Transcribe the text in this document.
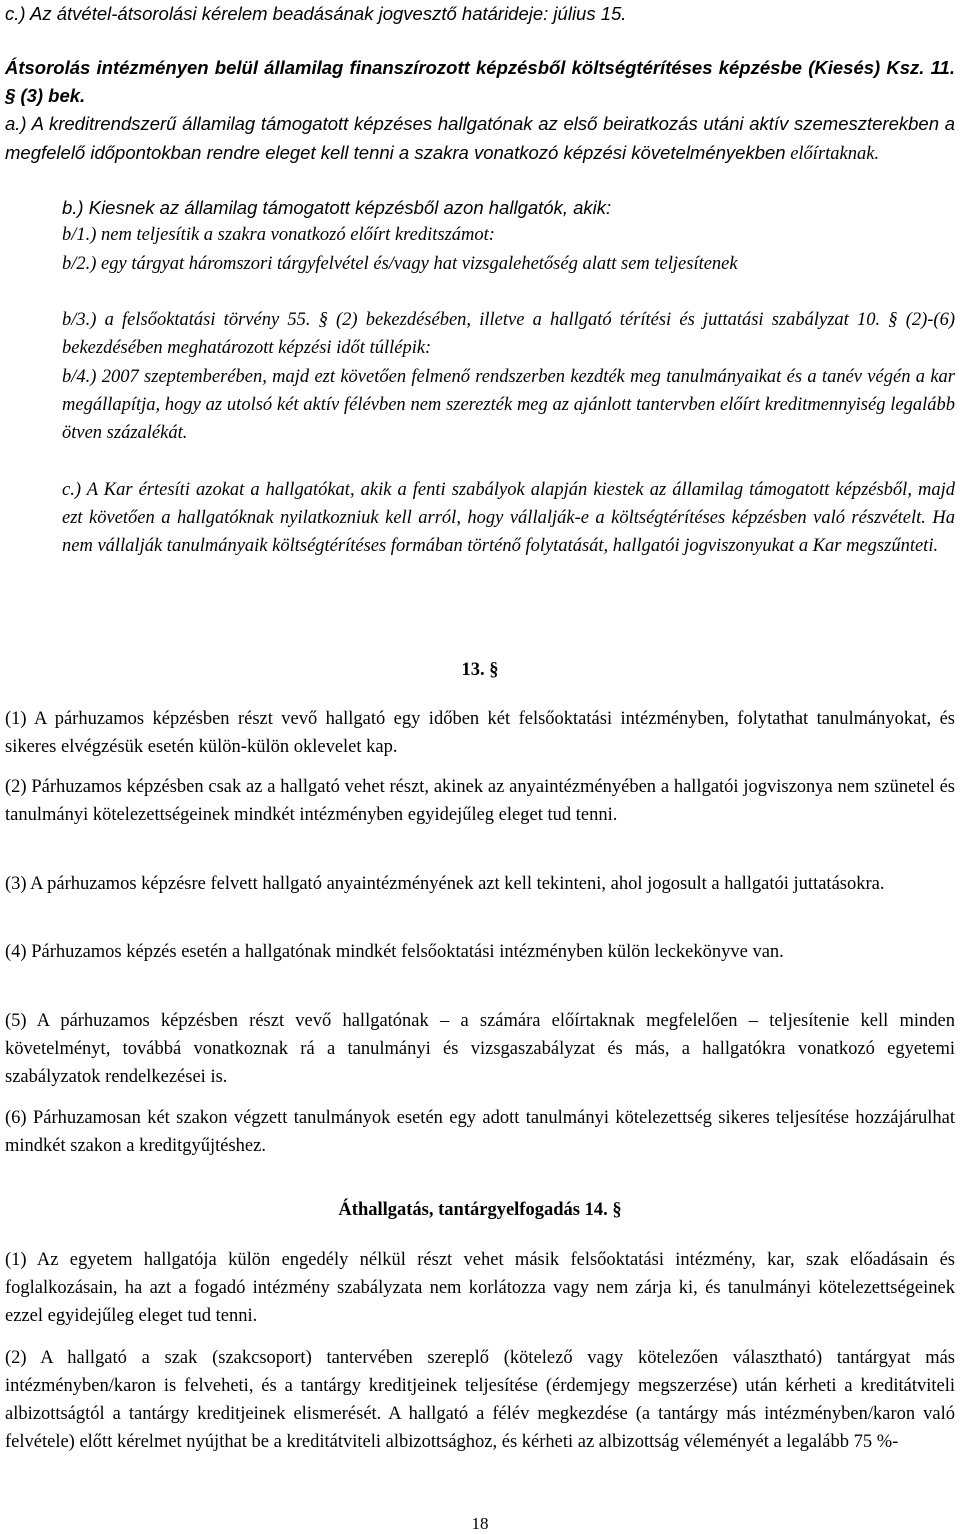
c.) Az átvétel-átsorolási kérelem beadásának jogvesztő határideje: július 15.

Átsorolás intézményen belül államilag finanszírozott képzésből költségtérítéses képzésbe (Kiesés) Ksz. 11. § (3) bek.

a.) A kreditrendszerű államilag támogatott képzéses hallgatónak az első beiratkozás utáni aktív szemeszterekben a megfelelő időpontokban rendre eleget kell tenni a szakra vonatkozó képzési követelményekben előírtaknak.

b.) Kiesnek az államilag támogatott képzésből azon hallgatók, akik:

b/1.) nem teljesítik a szakra vonatkozó előírt kreditszámot:

b/2.) egy tárgyat háromszori tárgyfelvétel és/vagy hat vizsgalehetőség alatt sem teljesítenek

b/3.) a felsőoktatási törvény 55. § (2) bekezdésében, illetve a hallgató térítési és juttatási szabályzat 10. § (2)-(6) bekezdésében meghatározott képzési időt túllépik:

b/4.) 2007 szeptemberében, majd ezt követően felmenő rendszerben kezdték meg tanulmányaikat és a tanév végén a kar megállapítja, hogy az utolsó két aktív félévben nem szerezték meg az ajánlott tantervben előírt kreditmennyiség legalább ötven százalékát.

c.) A Kar értesíti azokat a hallgatókat, akik a fenti szabályok alapján kiestek az államilag támogatott képzésből, majd ezt követően a hallgatóknak nyilatkozniuk kell arról, hogy vállalják-e a költségtérítéses képzésben való részvételt. Ha nem vállalják tanulmányaik költségtérítéses formában történő folytatását, hallgatói jogviszonyukat a Kar megszűnteti.

13. §

(1) A párhuzamos képzésben részt vevő hallgató egy időben két felsőoktatási intézményben, folytathat tanulmányokat, és sikeres elvégzésük esetén külön-külön oklevelet kap.

(2) Párhuzamos képzésben csak az a hallgató vehet részt, akinek az anyaintézményében a hallgatói jogviszonya nem szünetel és tanulmányi kötelezettségeinek mindkét intézményben egyidejűleg eleget tud tenni.

(3) A párhuzamos képzésre felvett hallgató anyaintézményének azt kell tekinteni, ahol jogosult a hallgatói juttatásokra.

(4) Párhuzamos képzés esetén a hallgatónak mindkét felsőoktatási intézményben külön leckekönyve van.

(5) A párhuzamos képzésben részt vevő hallgatónak – a számára előírtaknak megfelelően – teljesítenie kell minden követelményt, továbbá vonatkoznak rá a tanulmányi és vizsgaszabályzat és más, a hallgatókra vonatkozó egyetemi szabályzatok rendelkezései is.

(6) Párhuzamosan két szakon végzett tanulmányok esetén egy adott tanulmányi kötelezettség sikeres teljesítése hozzájárulhat mindkét szakon a kreditgyűjtéshez.

Áthallgatás, tantárgyelfogadás 14. §

(1) Az egyetem hallgatója külön engedély nélkül részt vehet másik felsőoktatási intézmény, kar, szak előadásain és foglalkozásain, ha azt a fogadó intézmény szabályzata nem korlátozza vagy nem zárja ki, és tanulmányi kötelezettségeinek ezzel egyidejűleg eleget tud tenni.

(2) A hallgató a szak (szakcsoport) tantervében szereplő (kötelező vagy kötelezően választható) tantárgyat más intézményben/karon is felveheti, és a tantárgy kreditjeinek teljesítése (érdemjegy megszerzése) után kérheti a kreditátviteli albizottságtól a tantárgy kreditjeinek elismerését. A hallgató a félév megkezdése (a tantárgy más intézményben/karon való felvétele) előtt kérelmet nyújthat be a kreditátviteli albizottsághoz, és kérheti az albizottság véleményét a legalább 75 %-

18
